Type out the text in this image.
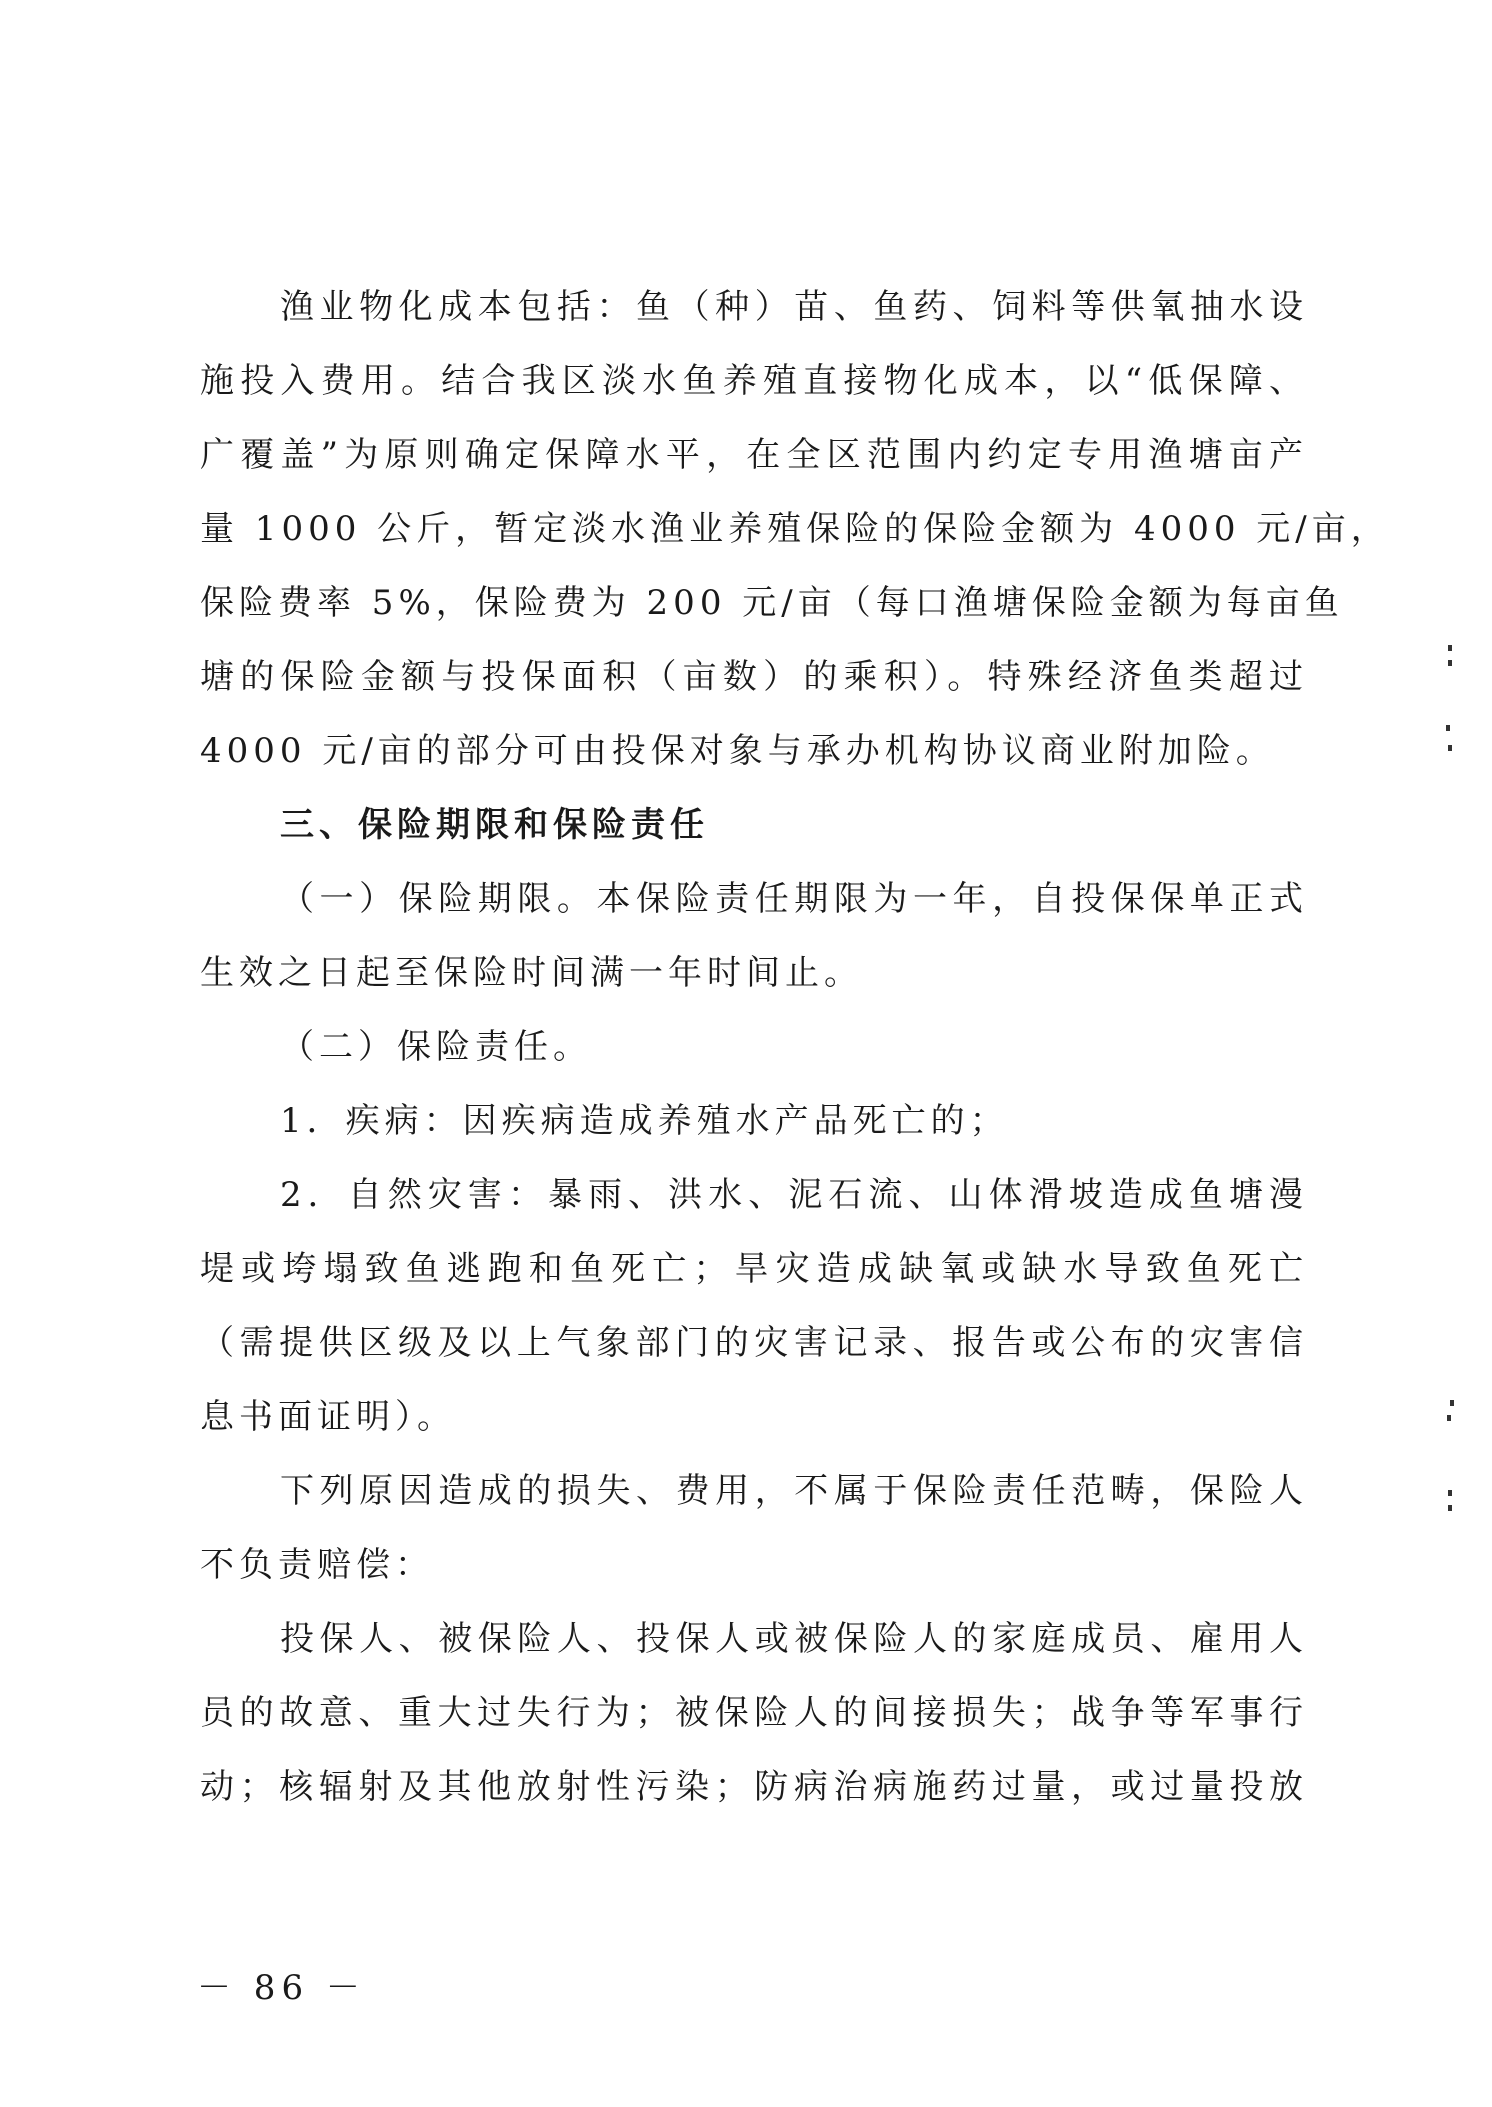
渔业物化成本包括：鱼（种）苗、鱼药、饲料等供氧抽水设
施投入费用。结合我区淡水鱼养殖直接物化成本，以“低保障、
广覆盖”为原则确定保障水平，在全区范围内约定专用渔塘亩产
量 1000 公斤，暂定淡水渔业养殖保险的保险金额为 4000 元/亩，
保险费率 5%，保险费为 200 元/亩（每口渔塘保险金额为每亩鱼
塘的保险金额与投保面积（亩数）的乘积）。特殊经济鱼类超过
4000 元/亩的部分可由投保对象与承办机构协议商业附加险。
三、保险期限和保险责任
（一）保险期限。本保险责任期限为一年，自投保保单正式
生效之日起至保险时间满一年时间止。
（二）保险责任。
1．疾病：因疾病造成养殖水产品死亡的；
2．自然灾害：暴雨、洪水、泥石流、山体滑坡造成鱼塘漫
堤或垮塌致鱼逃跑和鱼死亡；旱灾造成缺氧或缺水导致鱼死亡
（需提供区级及以上气象部门的灾害记录、报告或公布的灾害信
息书面证明）。
下列原因造成的损失、费用，不属于保险责任范畴，保险人
不负责赔偿：
投保人、被保险人、投保人或被保险人的家庭成员、雇用人
员的故意、重大过失行为；被保险人的间接损失；战争等军事行
动；核辐射及其他放射性污染；防病治病施药过量，或过量投放
－ 86 －
